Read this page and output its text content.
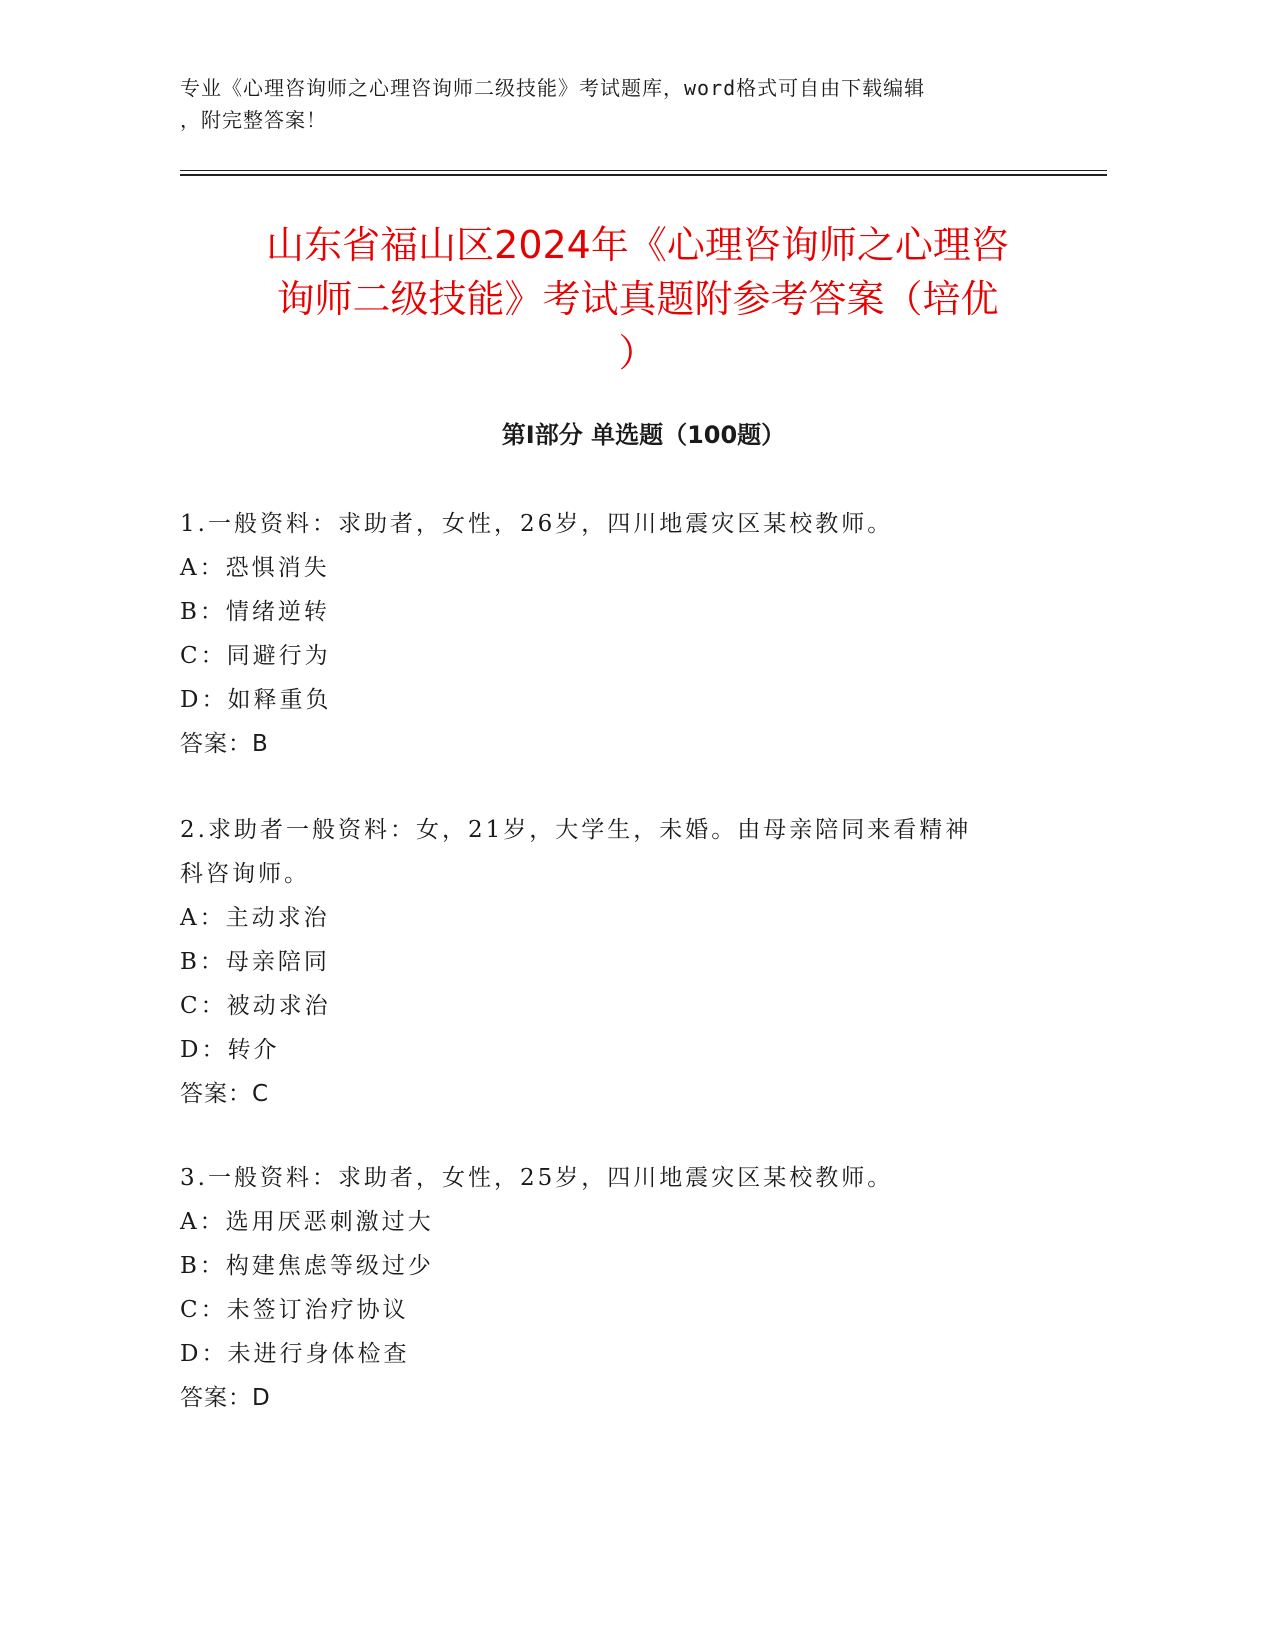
专业《心理咨询师之心理咨询师二级技能》考试题库，word格式可自由下载编辑
，附完整答案！
山东省福山区2024年《心理咨询师之心理咨
询师二级技能》考试真题附参考答案（培优
）
第I部分 单选题（100题）

1.一般资料：求助者，女性，26岁，四川地震灾区某校教师。

A：恐惧消失

B：情绪逆转

C：同避行为

D：如释重负

答案：B

2.求助者一般资料：女，21岁，大学生，未婚。由母亲陪同来看精神

科咨询师。

A：主动求治

B：母亲陪同

C：被动求治

D：转介

答案：C

3.一般资料：求助者，女性，25岁，四川地震灾区某校教师。

A：选用厌恶刺激过大

B：构建焦虑等级过少

C：未签订治疗协议

D：未进行身体检查

答案：D
